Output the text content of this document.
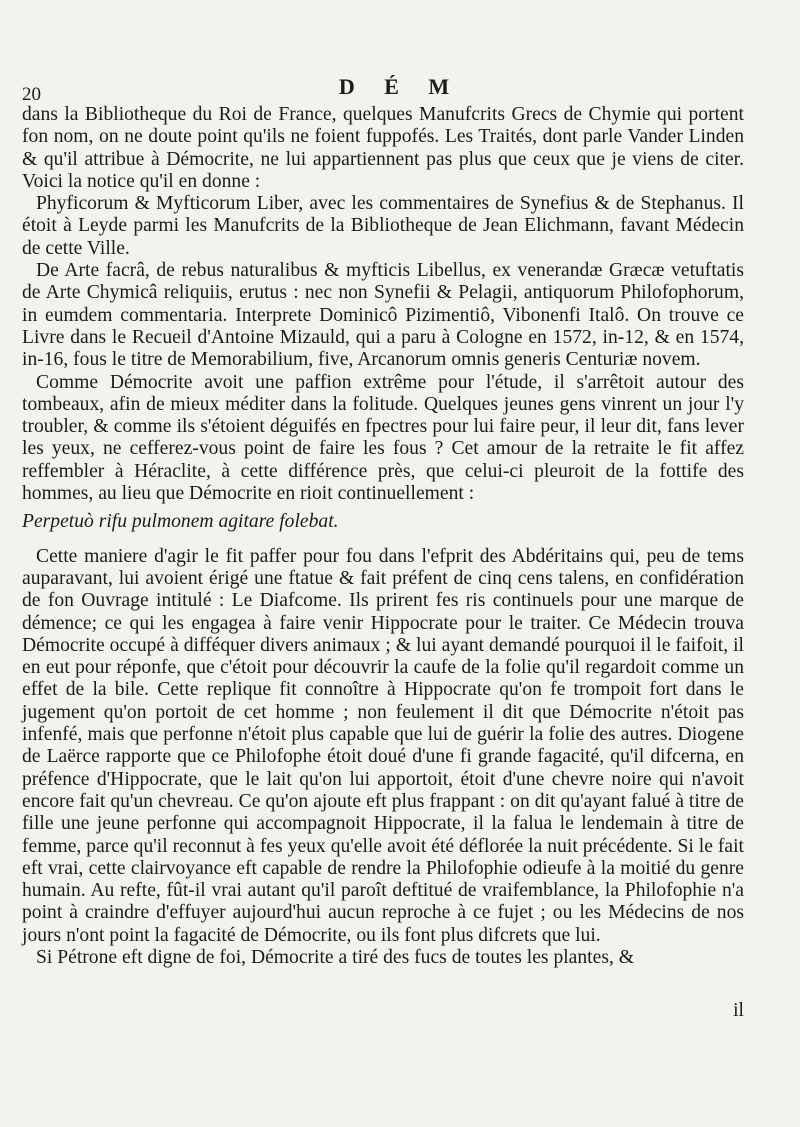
20	D É M

dans la Bibliotheque du Roi de France, quelques Manufcrits Grecs de Chymie qui portent fon nom, on ne doute point qu'ils ne foient fuppofés. Les Traités, dont parle Vander Linden & qu'il attribue à Démocrite, ne lui appartiennent pas plus que ceux que je viens de citer. Voici la notice qu'il en donne :

Phyficorum & Myfticorum Liber, avec les commentaires de Synefius & de Stephanus. Il étoit à Leyde parmi les Manufcrits de la Bibliotheque de Jean Elichmann, favant Médecin de cette Ville.

De Arte facrâ, de rebus naturalibus & myfticis Libellus, ex venerandæ Græcæ vetuftatis de Arte Chymicâ reliquiis, erutus : nec non Synefii & Pelagii, antiquorum Philofophorum, in eumdem commentaria. Interprete Dominicô Pizimentiô, Vibonenfi Italô. On trouve ce Livre dans le Recueil d'Antoine Mizauld, qui a paru à Cologne en 1572, in-12, & en 1574, in-16, fous le titre de Memorabilium, five, Arcanorum omnis generis Centuriæ novem.

Comme Démocrite avoit une paffion extrême pour l'étude, il s'arrêtoit autour des tombeaux, afin de mieux méditer dans la folitude. Quelques jeunes gens vinrent un jour l'y troubler, & comme ils s'étoient déguifés en fpectres pour lui faire peur, il leur dit, fans lever les yeux, ne cefferez-vous point de faire les fous ? Cet amour de la retraite le fit affez reffembler à Héraclite, à cette différence près, que celui-ci pleuroit de la fottife des hommes, au lieu que Démocrite en rioit continuellement :

Perpetuò rifu pulmonem agitare folebat.

Cette maniere d'agir le fit paffer pour fou dans l'efprit des Abdéritains qui, peu de tems auparavant, lui avoient érigé une ftatue & fait préfent de cinq cens talens, en confidération de fon Ouvrage intitulé : Le Diafcome. Ils prirent fes ris continuels pour une marque de démence; ce qui les engagea à faire venir Hippocrate pour le traiter. Ce Médecin trouva Démocrite occupé à difféquer divers animaux ; & lui ayant demandé pourquoi il le faifoit, il en eut pour réponfe, que c'étoit pour découvrir la caufe de la folie qu'il regardoit comme un effet de la bile. Cette replique fit connoître à Hippocrate qu'on fe trompoit fort dans le jugement qu'on portoit de cet homme ; non feulement il dit que Démocrite n'étoit pas infenfé, mais que perfonne n'étoit plus capable que lui de guérir la folie des autres. Diogene de Laërce rapporte que ce Philofophe étoit doué d'une fi grande fagacité, qu'il difcerna, en préfence d'Hippocrate, que le lait qu'on lui apportoit, étoit d'une chevre noire qui n'avoit encore fait qu'un chevreau. Ce qu'on ajoute eft plus frappant : on dit qu'ayant falué à titre de fille une jeune perfonne qui accompagnoit Hippocrate, il la falua le lendemain à titre de femme, parce qu'il reconnut à fes yeux qu'elle avoit été déflorée la nuit précédente. Si le fait eft vrai, cette clairvoyance eft capable de rendre la Philofophie odieufe à la moitié du genre humain. Au refte, fût-il vrai autant qu'il paroît deftitué de vraifemblance, la Philofophie n'a point à craindre d'effuyer aujourd'hui aucun reproche à ce fujet ; ou les Médecins de nos jours n'ont point la fagacité de Démocrite, ou ils font plus difcrets que lui.

Si Pétrone eft digne de foi, Démocrite a tiré des fucs de toutes les plantes, &

il
